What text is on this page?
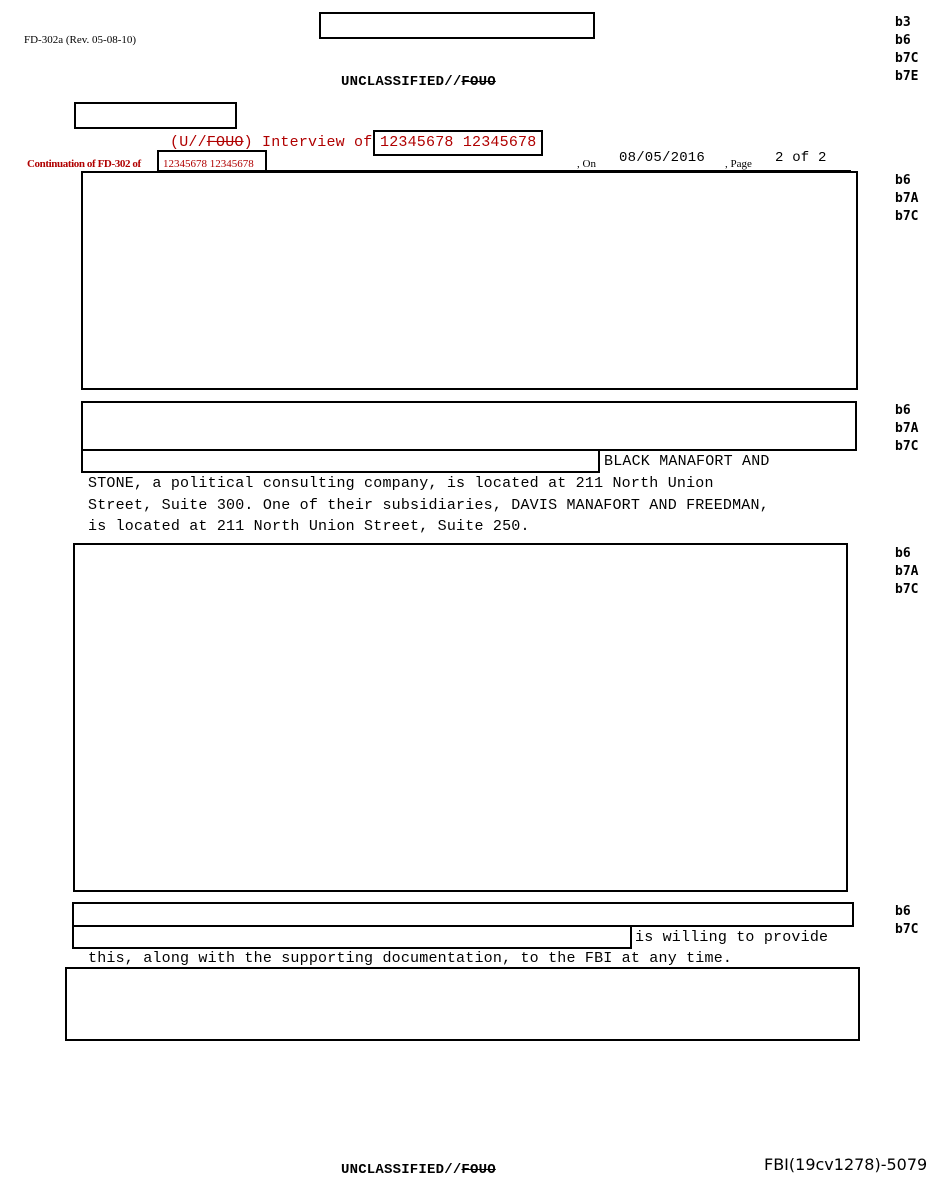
FD-302a (Rev. 05-08-10)
b3
b6
b7C
b7E
UNCLASSIFIED//FOUO
(U//FOUO) Interview of
12345678 12345678
Continuation of FD-302 of 12345678 12345678	, On 08/05/2016 , Page 2 of 2
b6
b7A
b7C
b6
b7A
b7C
BLACK MANAFORT AND
STONE, a political consulting company, is located at 211 North Union
Street, Suite 300. One of their subsidiaries, DAVIS MANAFORT AND FREEDMAN,
is located at 211 North Union Street, Suite 250.
b6
b7A
b7C
b6
b7C
is willing to provide
this, along with the supporting documentation, to the FBI at any time.
UNCLASSIFIED//FOUO	FBI(19cv1278)-5079
